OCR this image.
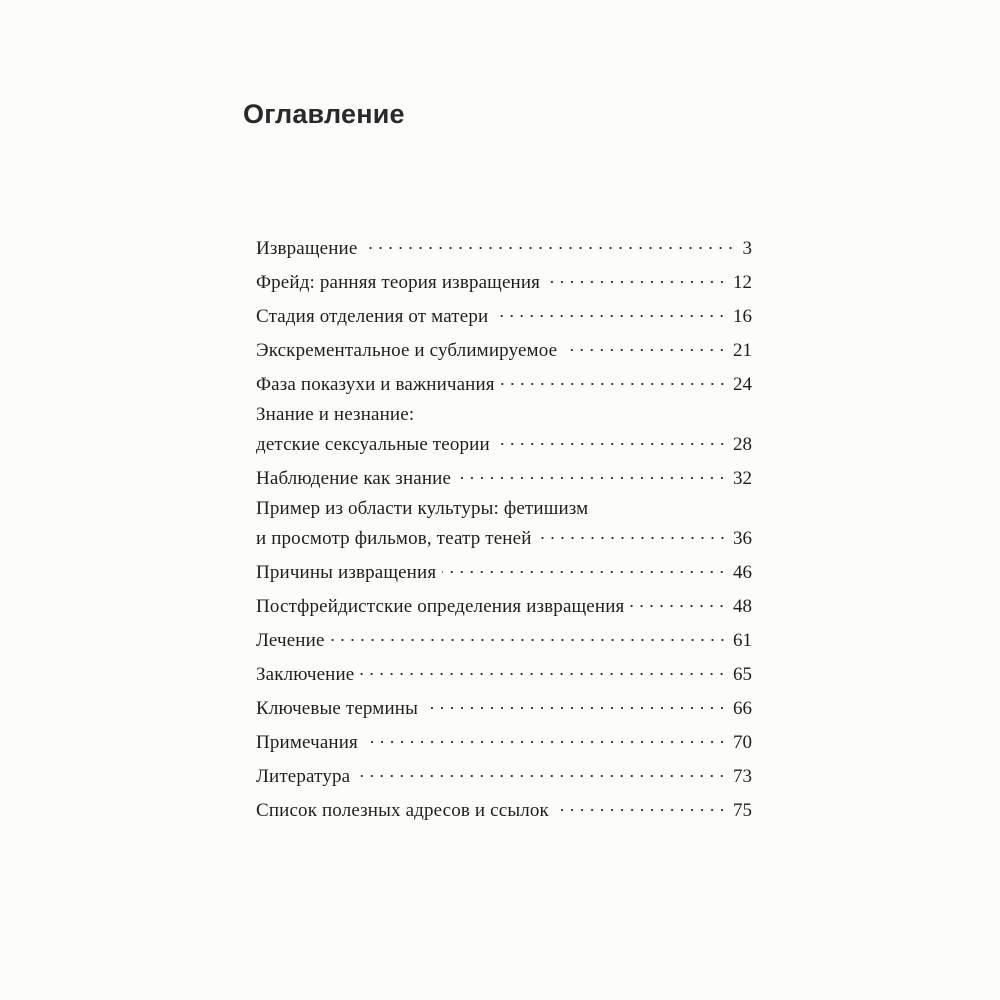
Оглавление
Извращение	3
Фрейд: ранняя теория извращения	12
Стадия отделения от матери	16
Экскрементальное и сублимируемое	21
Фаза показухи и важничания	24
Знание и незнание:
детские сексуальные теории	28
Наблюдение как знание	32
Пример из области культуры: фетишизм
и просмотр фильмов, театр теней	36
Причины извращения	46
Постфрейдистские определения извращения	48
Лечение	61
Заключение	65
Ключевые термины	66
Примечания	70
Литература	73
Список полезных адресов и ссылок	75
